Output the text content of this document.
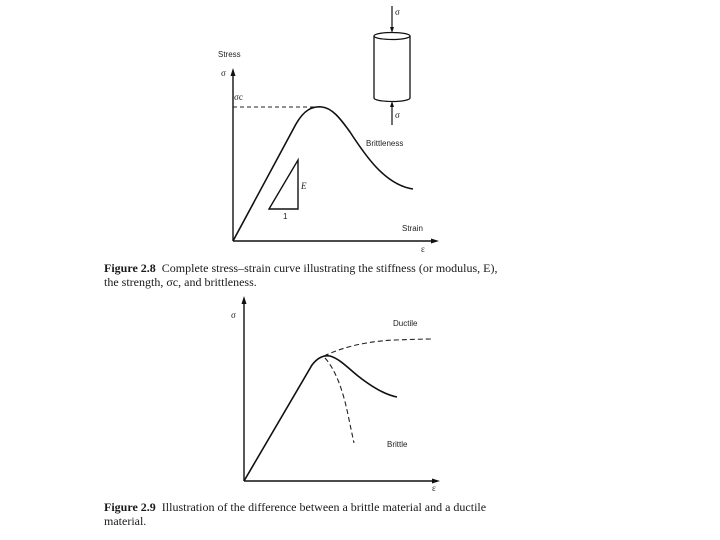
Stress
σ
σc
Strain
ε
Brittleness
E
1
σ
σ
σ
ε
Ductile
Brittle
Figure 2.8 Complete stress–strain curve illustrating the stiffness (or modulus, E),
the strength, σc, and brittleness.
Figure 2.9 Illustration of the difference between a brittle material and a ductile
material.
